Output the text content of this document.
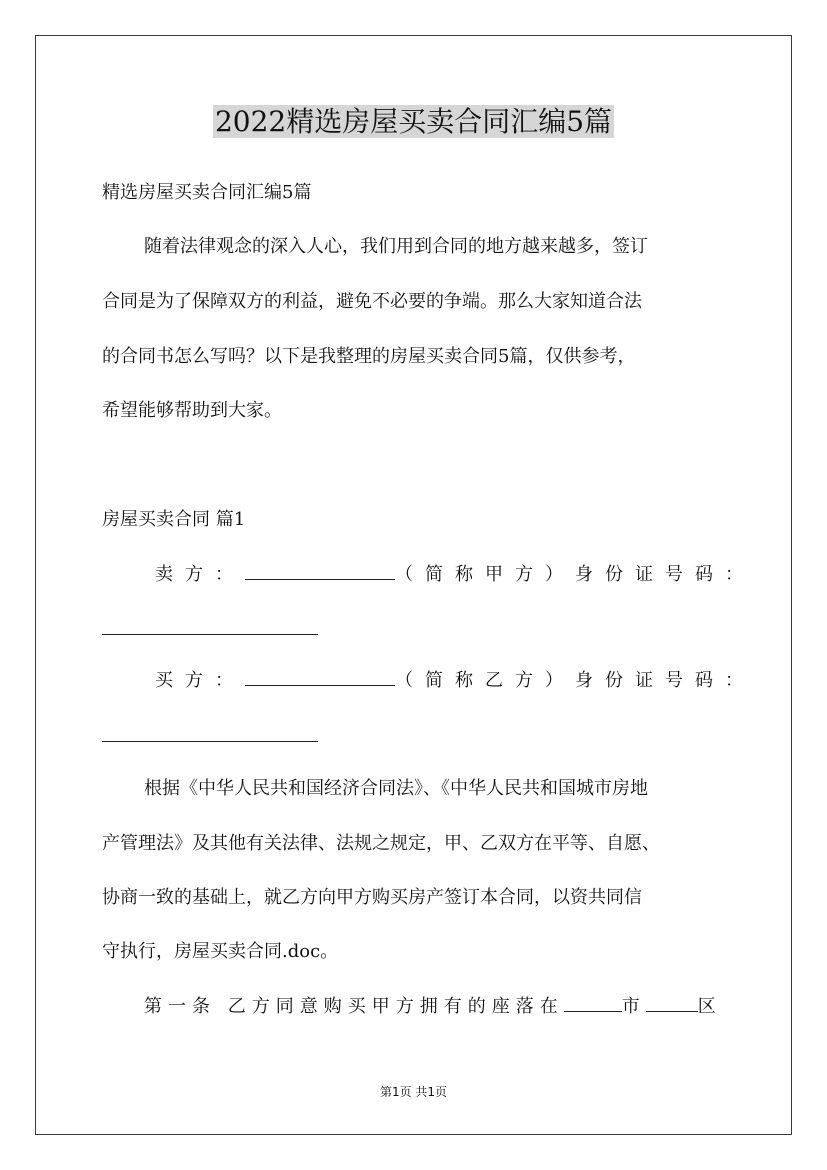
2022精选房屋买卖合同汇编5篇
精选房屋买卖合同汇编5篇
随着法律观念的深入人心，我们用到合同的地方越来越多，签订
合同是为了保障双方的利益，避免不必要的争端。那么大家知道合法
的合同书怎么写吗？以下是我整理的房屋买卖合同5篇，仅供参考，
希望能够帮助到大家。
房屋买卖合同 篇1
卖方：	（简称甲方） 身份证号码：
买方：	（简称乙方） 身份证号码：
根据《中华人民共和国经济合同法》、《中华人民共和国城市房地
产管理法》及其他有关法律、法规之规定，甲、乙双方在平等、自愿、
协商一致的基础上，就乙方向甲方购买房产签订本合同，以资共同信
守执行，房屋买卖合同.doc。
第一条 乙方同意购买甲方拥有的座落在	市	区
第1页 共1页
